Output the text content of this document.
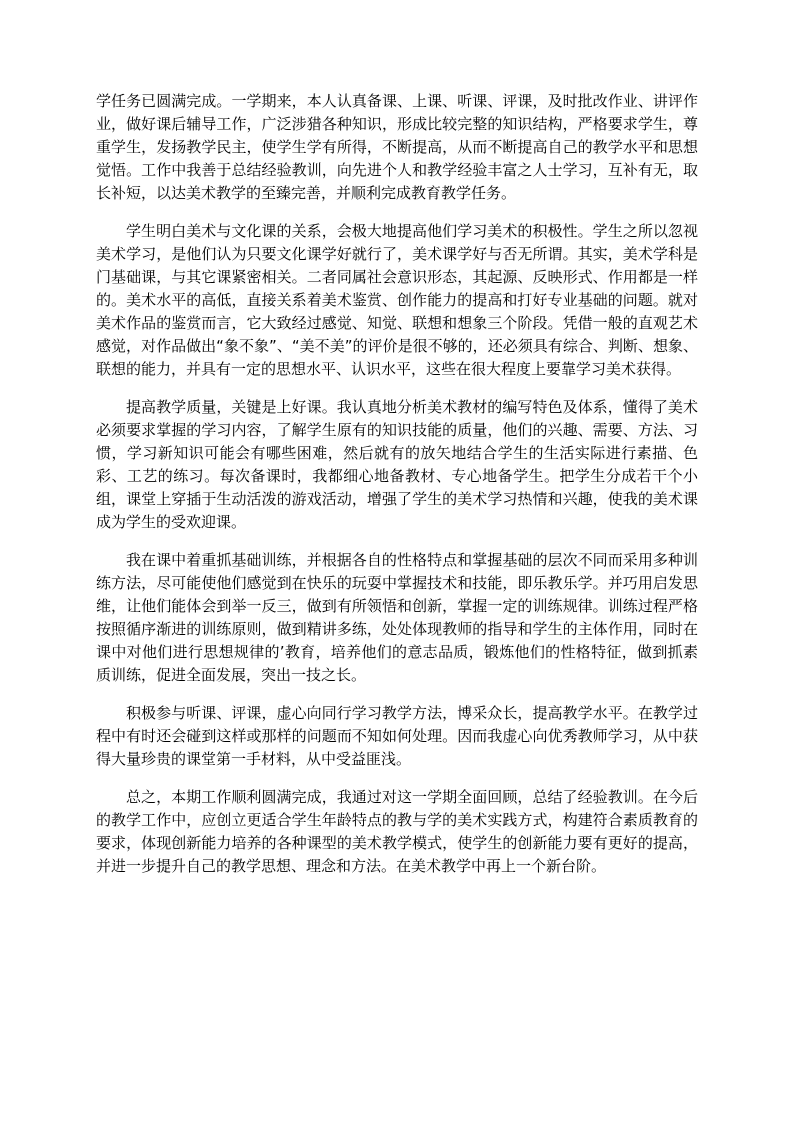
学任务已圆满完成。一学期来，本人认真备课、上课、听课、评课，及时批改作业、讲评作业，做好课后辅导工作，广泛涉猎各种知识，形成比较完整的知识结构，严格要求学生，尊重学生，发扬教学民主，使学生学有所得，不断提高，从而不断提高自己的教学水平和思想觉悟。工作中我善于总结经验教训，向先进个人和教学经验丰富之人士学习，互补有无，取长补短，以达美术教学的至臻完善，并顺利完成教育教学任务。

学生明白美术与文化课的关系，会极大地提高他们学习美术的积极性。学生之所以忽视美术学习，是他们认为只要文化课学好就行了，美术课学好与否无所谓。其实，美术学科是门基础课，与其它课紧密相关。二者同属社会意识形态，其起源、反映形式、作用都是一样的。美术水平的高低，直接关系着美术鉴赏、创作能力的提高和打好专业基础的问题。就对美术作品的鉴赏而言，它大致经过感觉、知觉、联想和想象三个阶段。凭借一般的直观艺术感觉，对作品做出“象不象”、“美不美”的评价是很不够的，还必须具有综合、判断、想象、联想的能力，并具有一定的思想水平、认识水平，这些在很大程度上要靠学习美术获得。

提高教学质量，关键是上好课。我认真地分析美术教材的编写特色及体系，懂得了美术必须要求掌握的学习内容，了解学生原有的知识技能的质量，他们的兴趣、需要、方法、习惯，学习新知识可能会有哪些困难，然后就有的放矢地结合学生的生活实际进行素描、色彩、工艺的练习。每次备课时，我都细心地备教材、专心地备学生。把学生分成若干个小组，课堂上穿插于生动活泼的游戏活动，增强了学生的美术学习热情和兴趣，使我的美术课成为学生的受欢迎课。

我在课中着重抓基础训练，并根据各自的性格特点和掌握基础的层次不同而采用多种训练方法，尽可能使他们感觉到在快乐的玩耍中掌握技术和技能，即乐教乐学。并巧用启发思维，让他们能体会到举一反三，做到有所领悟和创新，掌握一定的训练规律。训练过程严格按照循序渐进的训练原则，做到精讲多练，处处体现教师的指导和学生的主体作用，同时在课中对他们进行思想规律的’教育，培养他们的意志品质，锻炼他们的性格特征，做到抓素质训练，促进全面发展，突出一技之长。

积极参与听课、评课，虚心向同行学习教学方法，博采众长，提高教学水平。在教学过程中有时还会碰到这样或那样的问题而不知如何处理。因而我虚心向优秀教师学习，从中获得大量珍贵的课堂第一手材料，从中受益匪浅。

总之，本期工作顺利圆满完成，我通过对这一学期全面回顾，总结了经验教训。在今后的教学工作中，应创立更适合学生年龄特点的教与学的美术实践方式，构建符合素质教育的要求，体现创新能力培养的各种课型的美术教学模式，使学生的创新能力要有更好的提高，并进一步提升自己的教学思想、理念和方法。在美术教学中再上一个新台阶。
